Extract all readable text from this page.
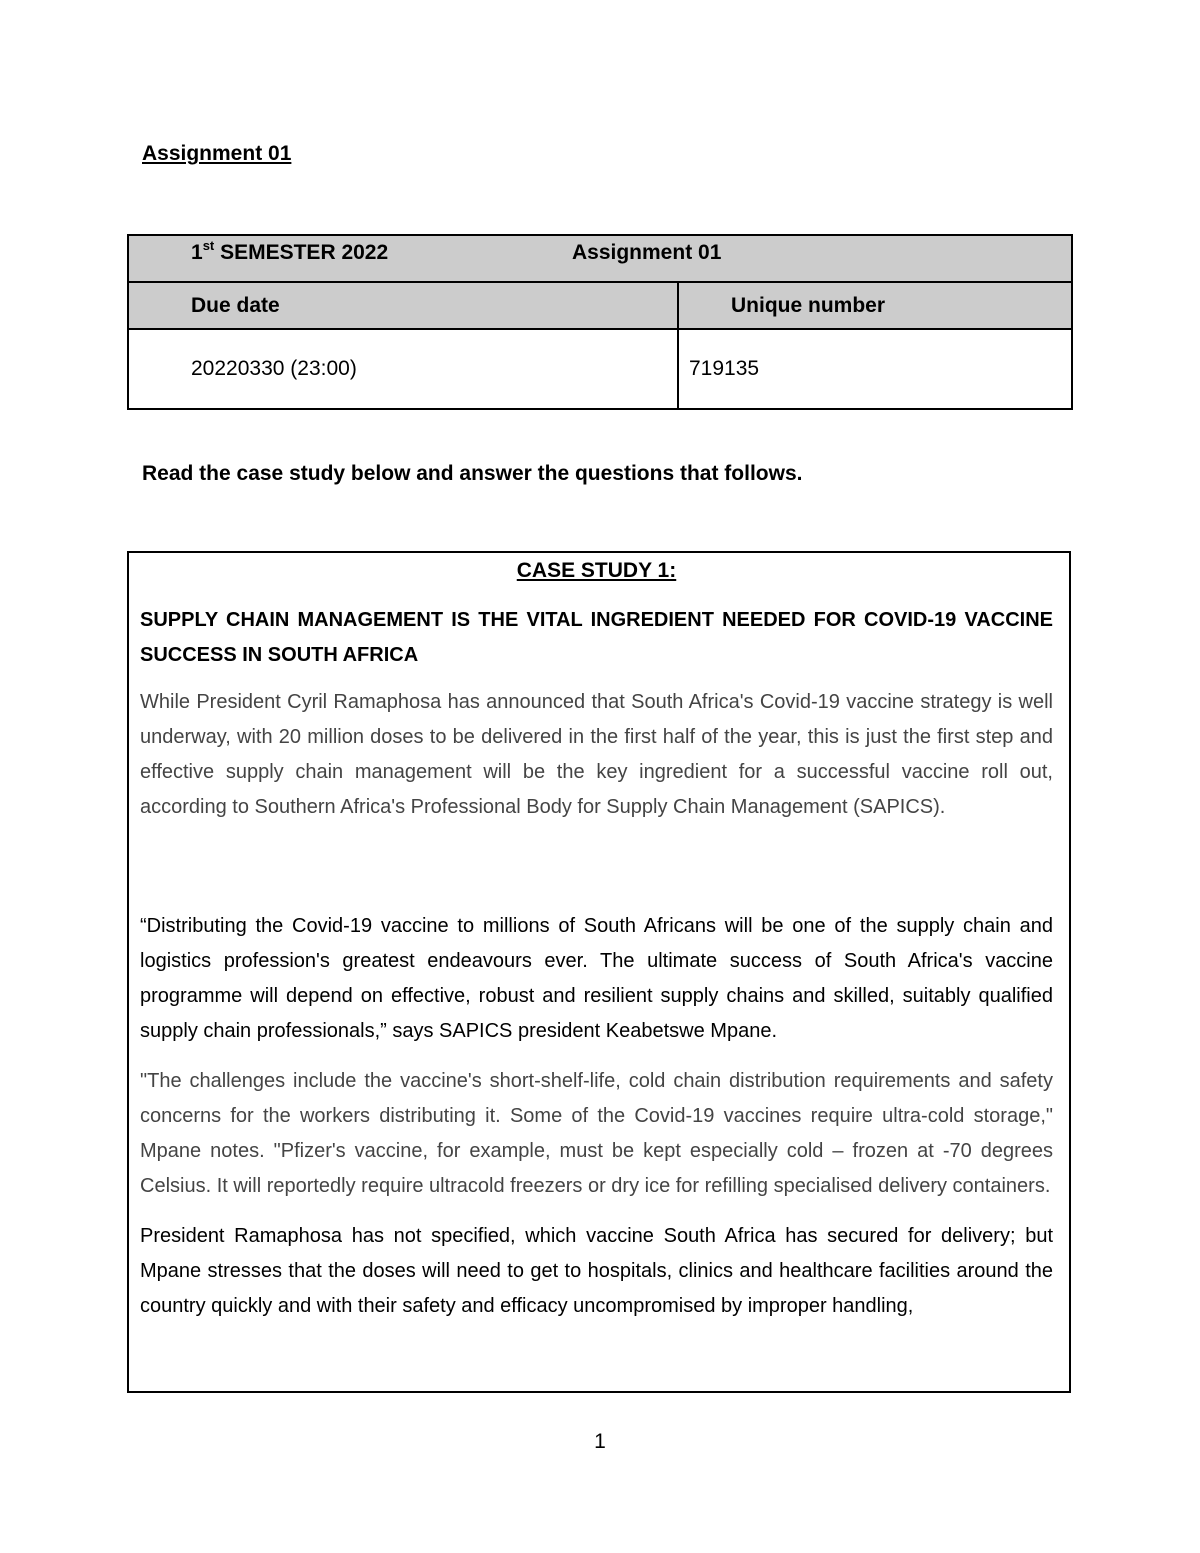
Assignment 01
1st SEMESTER 2022 Assignment 01	

Due date	Unique number
20220330 (23:00)	719135

Read the case study below and answer the questions that follows.

CASE STUDY 1:

SUPPLY CHAIN MANAGEMENT IS THE VITAL INGREDIENT NEEDED FOR COVID-19 VACCINE SUCCESS IN SOUTH AFRICA

While President Cyril Ramaphosa has announced that South Africa's Covid-19 vaccine strategy is well underway, with 20 million doses to be delivered in the first half of the year, this is just the first step and effective supply chain management will be the key ingredient for a successful vaccine roll out, according to Southern Africa's Professional Body for Supply Chain Management (SAPICS).

“Distributing the Covid-19 vaccine to millions of South Africans will be one of the supply chain and logistics profession's greatest endeavours ever. The ultimate success of South Africa's vaccine programme will depend on effective, robust and resilient supply chains and skilled, suitably qualified supply chain professionals,” says SAPICS president Keabetswe Mpane.

"The challenges include the vaccine's short-shelf-life, cold chain distribution requirements and safety concerns for the workers distributing it. Some of the Covid-19 vaccines require ultra-cold storage," Mpane notes. "Pfizer's vaccine, for example, must be kept especially cold – frozen at -70 degrees Celsius. It will reportedly require ultracold freezers or dry ice for refilling specialised delivery containers.

President Ramaphosa has not specified, which vaccine South Africa has secured for delivery; but Mpane stresses that the doses will need to get to hospitals, clinics and healthcare facilities around the country quickly and with their safety and efficacy uncompromised by improper handling,

1
